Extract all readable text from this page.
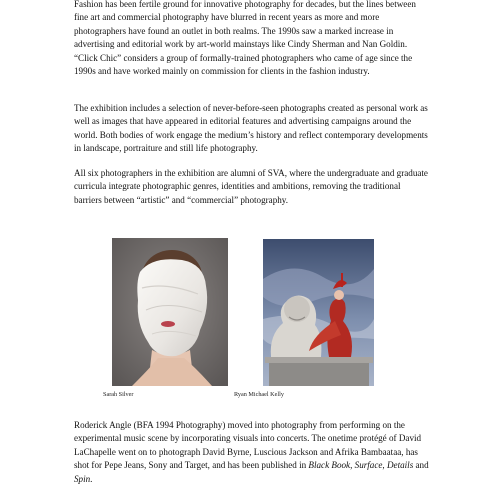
Fashion has been fertile ground for innovative photography for decades, but the lines between fine art and commercial photography have blurred in recent years as more and more photographers have found an outlet in both realms. The 1990s saw a marked increase in advertising and editorial work by art-world mainstays like Cindy Sherman and Nan Goldin. “Click Chic” considers a group of formally-trained photographers who came of age since the 1990s and have worked mainly on commission for clients in the fashion industry.

The exhibition includes a selection of never-before-seen photographs created as personal work as well as images that have appeared in editorial features and advertising campaigns around the world. Both bodies of work engage the medium’s history and reflect contemporary developments in landscape, portraiture and still life photography.

All six photographers in the exhibition are alumni of SVA, where the undergraduate and graduate curricula integrate photographic genres, identities and ambitions, removing the traditional barriers between “artistic” and “commercial” photography.

Sarah Silver	Ryan Michael Kelly

Roderick Angle (BFA 1994 Photography) moved into photography from performing on the experimental music scene by incorporating visuals into concerts. The onetime protégé of David LaChapelle went on to photograph David Byrne, Luscious Jackson and Afrika Bambaataa, has shot for Pepe Jeans, Sony and Target, and has been published in Black Book, Surface, Details and Spin.
